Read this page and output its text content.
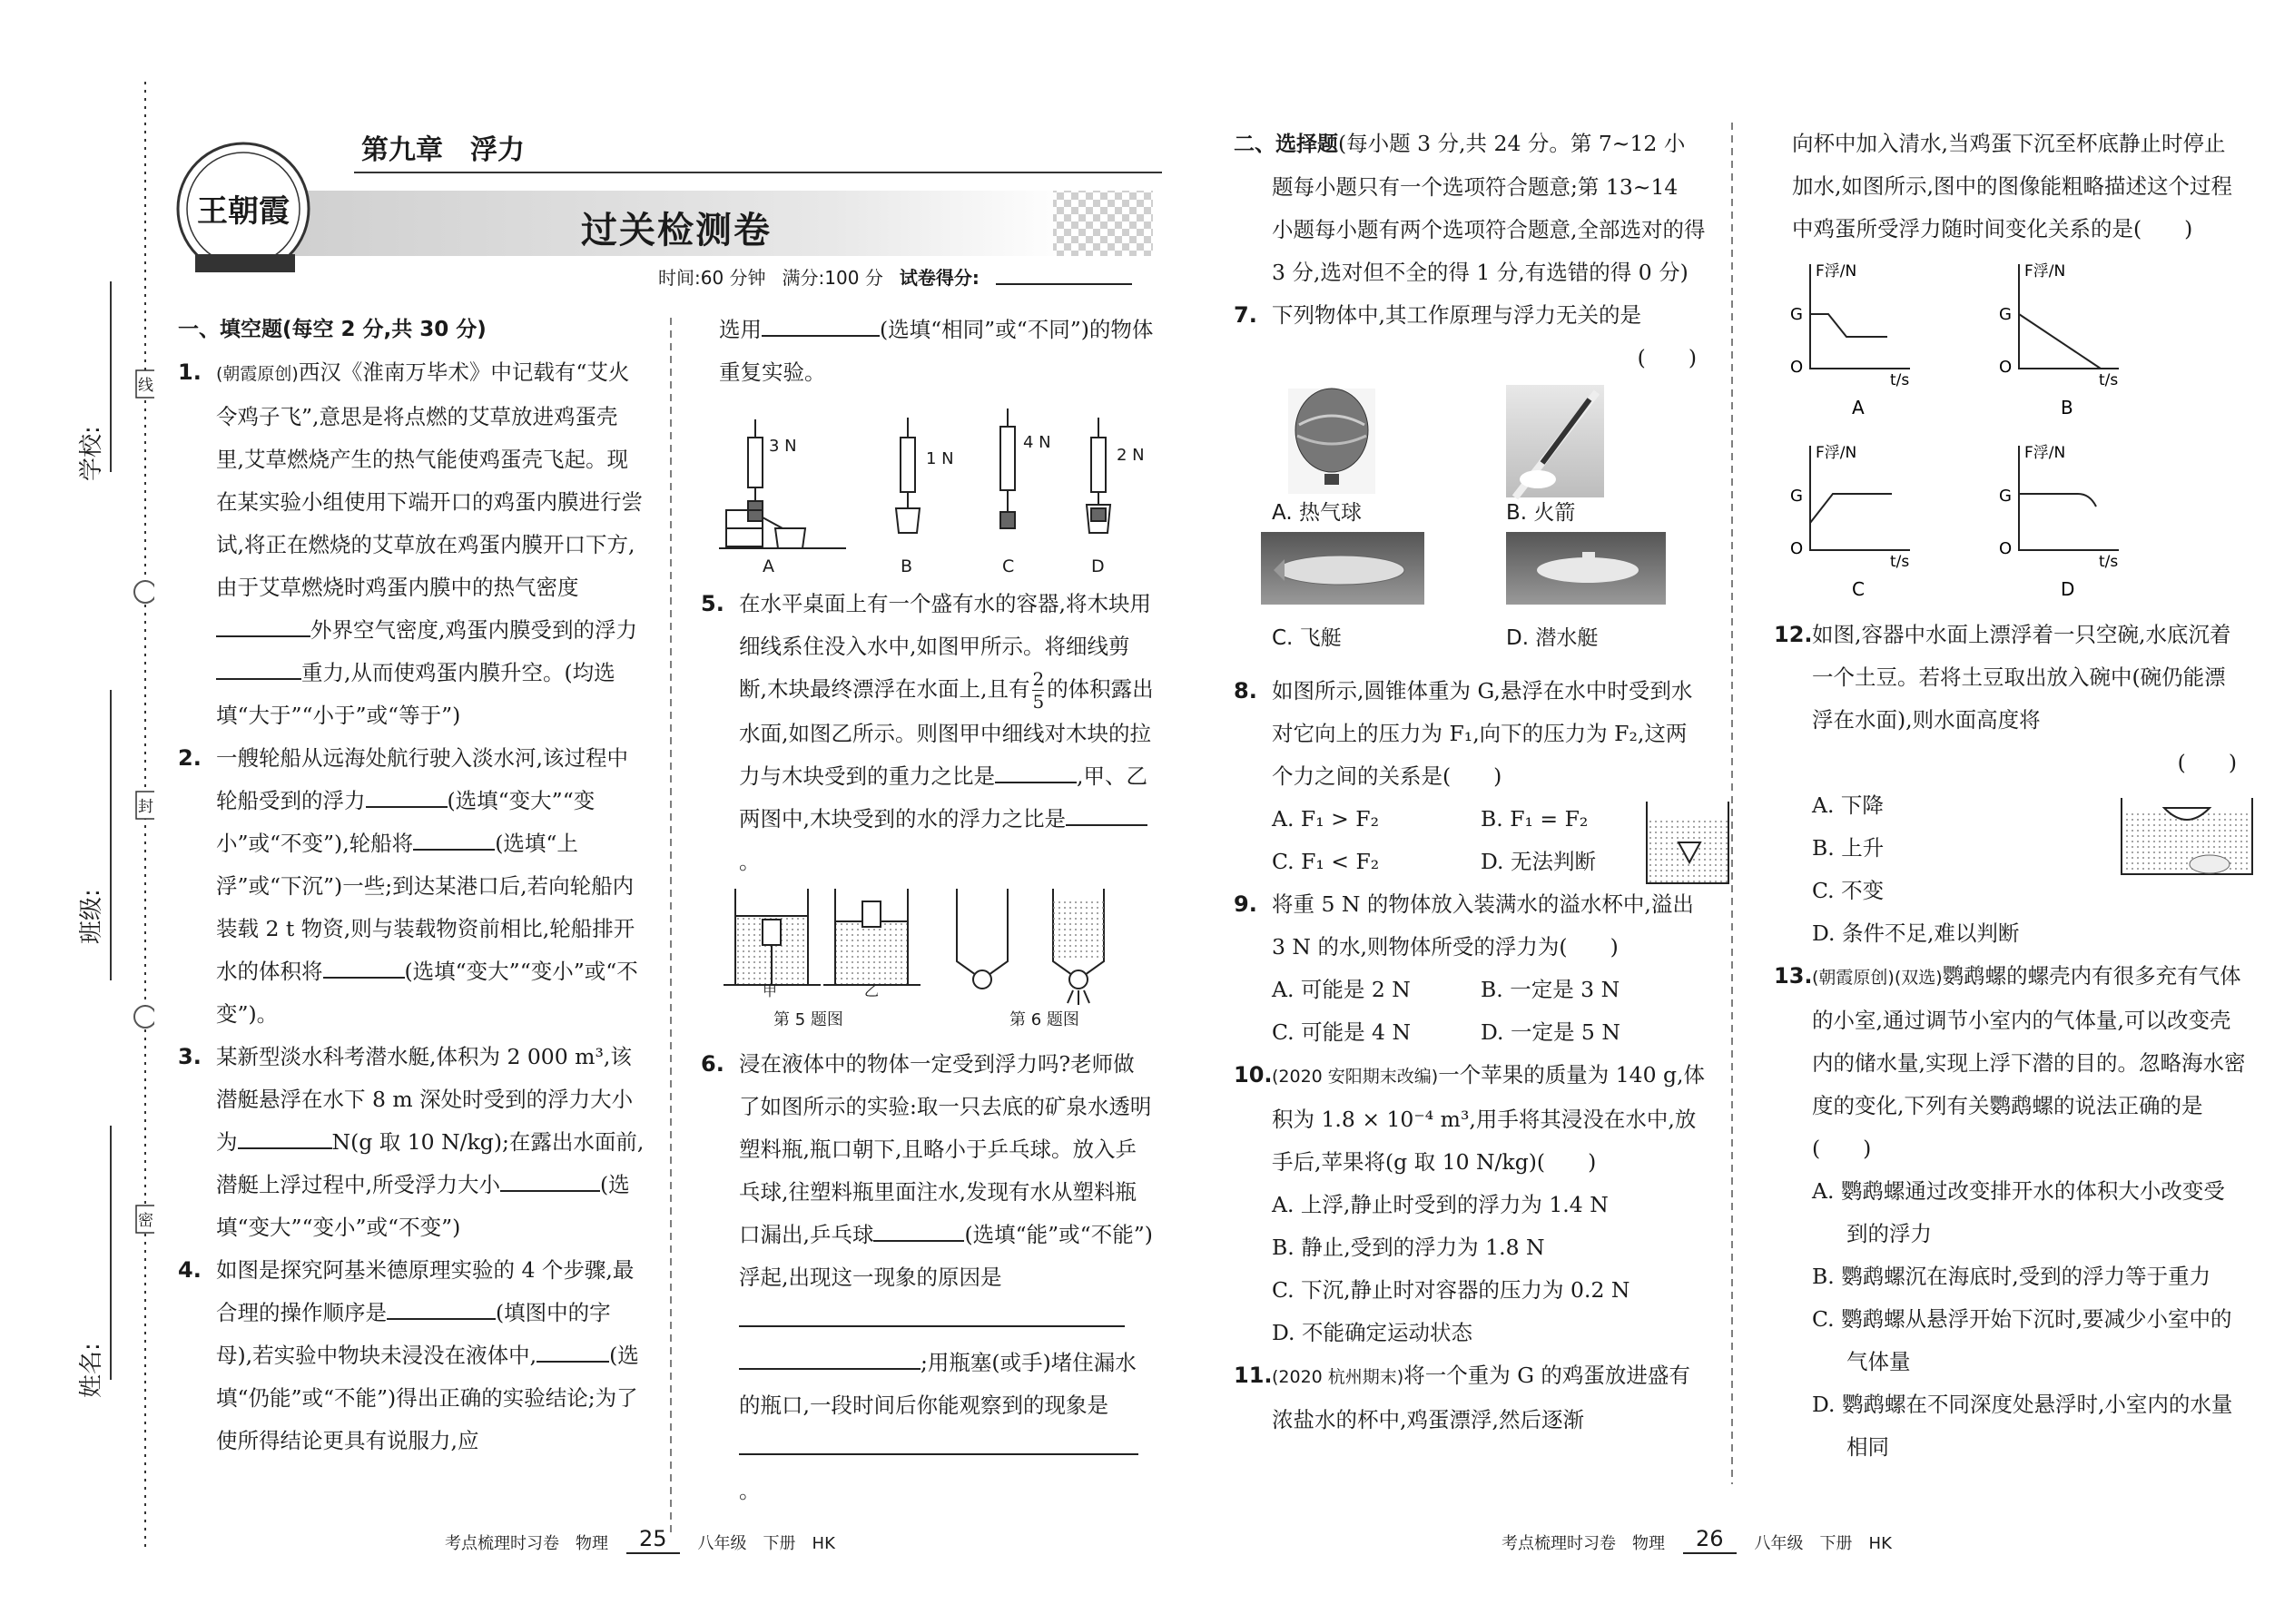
学校:
班级:
姓名:
线
封
密
王朝霞
第九章　浮力
过关检测卷
时间:60 分钟 满分:100 分 试卷得分:
一、填空题(每空 2 分,共 30 分)
1. (朝霞原创)西汉《淮南万毕术》中记载有“艾火令鸡子飞”,意思是将点燃的艾草放进鸡蛋壳里,艾草燃烧产生的热气能使鸡蛋壳飞起。现在某实验小组使用下端开口的鸡蛋内膜进行尝试,将正在燃烧的艾草放在鸡蛋内膜开口下方,由于艾草燃烧时鸡蛋内膜中的热气密度外界空气密度,鸡蛋内膜受到的浮力重力,从而使鸡蛋内膜升空。(均选填“大于”“小于”或“等于”)
2. 一艘轮船从远海处航行驶入淡水河,该过程中轮船受到的浮力	(选填“变大”“变小”或“不变”),轮船将	(选填“上浮”或“下沉”)一些;到达某港口后,若向轮船内装载 2 t 物资,则与装载物资前相比,轮船排开水的体积将	(选填“变大”“变小”或“不变”)。
3. 某新型淡水科考潜水艇,体积为 2 000 m³,该潜艇悬浮在水下 8 m 深处时受到的浮力大小为	N(g 取 10 N/kg);在露出水面前,潜艇上浮过程中,所受浮力大小	(选填“变大”“变小”或“不变”)
4. 如图是探究阿基米德原理实验的 4 个步骤,最合理的操作顺序是	(填图中的字母),若实验中物块未浸没在液体中,	(选填“仍能”或“不能”)得出正确的实验结论;为了使所得结论更具有说服力,应
选用	(选填“相同”或“不同”)的物体重复实验。
3 N
1 N
4 N
2 N
A	B	C	D
5. 在水平桌面上有一个盛有水的容器,将木块用细线系住没入水中,如图甲所示。将细线剪断,木块最终漂浮在水面上,且有 $\frac{2}{5}$ 的体积露出水面,如图乙所示。则图甲中细线对木块的拉力与木块受到的重力之比是	,甲、乙两图中,木块受到的水的浮力之比是。
甲	乙
第 5 题图	第 6 题图
6. 浸在液体中的物体一定受到浮力吗?老师做了如图所示的实验:取一只去底的矿泉水透明塑料瓶,瓶口朝下,且略小于乒乓球。放入乒乓球,往塑料瓶里面注水,发现有水从塑料瓶口漏出,乒乓球	(选填“能”或“不能”)浮起,出现这一现象的原因是;用瓶塞(或手)堵住漏水的瓶口,一段时间后你能观察到的现象是。
考点梳理时习卷　物理	25	八年级　下册　HK
二、选择题(每小题 3 分,共 24 分。第 7~12 小题每小题只有一个选项符合题意;第 13~14 小题每小题有两个选项符合题意,全部选对的得 3 分,选对但不全的得 1 分,有选错的得 0 分)
7. 下列物体中,其工作原理与浮力无关的是
(　　)
A. 热气球	B. 火箭
C. 飞艇	D. 潜水艇
8. 如图所示,圆锥体重为 G,悬浮在水中时受到水对它向上的压力为 F₁,向下的压力为 F₂,这两个力之间的关系是(　　)
A. F₁ > F₂	B. F₁ = F₂
C. F₁ < F₂	D. 无法判断
9. 将重 5 N 的物体放入装满水的溢水杯中,溢出 3 N 的水,则物体所受的浮力为(　　)
A. 可能是 2 N	B. 一定是 3 N
C. 可能是 4 N	D. 一定是 5 N
10. (2020 安阳期末改编)一个苹果的质量为 140 g,体积为 1.8 × 10⁻⁴ m³,用手将其浸没在水中,放手后,苹果将(g 取 10 N/kg)(　　)
A. 上浮,静止时受到的浮力为 1.4 N
B. 静止,受到的浮力为 1.8 N
C. 下沉,静止时对容器的压力为 0.2 N
D. 不能确定运动状态
11. (2020 杭州期末)将一个重为 G 的鸡蛋放进盛有浓盐水的杯中,鸡蛋漂浮,然后逐渐
向杯中加入清水,当鸡蛋下沉至杯底静止时停止加水,如图所示,图中的图像能粗略描述这个过程中鸡蛋所受浮力随时间变化关系的是(　　)
F浮/N
t/s
G
O
A
F浮/N
t/s
G
O
B
F浮/N
t/s
G
O
C
F浮/N
t/s
G
O
D
12. 如图,容器中水面上漂浮着一只空碗,水底沉着一个土豆。若将土豆取出放入碗中(碗仍能漂浮在水面),则水面高度将
(　　)
A. 下降
B. 上升
C. 不变
D. 条件不足,难以判断
13. (朝霞原创)(双选)鹦鹉螺的螺壳内有很多充有气体的小室,通过调节小室内的气体量,可以改变壳内的储水量,实现上浮下潜的目的。忽略海水密度的变化,下列有关鹦鹉螺的说法正确的是(　　)
A. 鹦鹉螺通过改变排开水的体积大小改变受到的浮力
B. 鹦鹉螺沉在海底时,受到的浮力等于重力
C. 鹦鹉螺从悬浮开始下沉时,要减少小室中的气体量
D. 鹦鹉螺在不同深度处悬浮时,小室内的水量相同
考点梳理时习卷　物理	26	八年级　下册　HK
